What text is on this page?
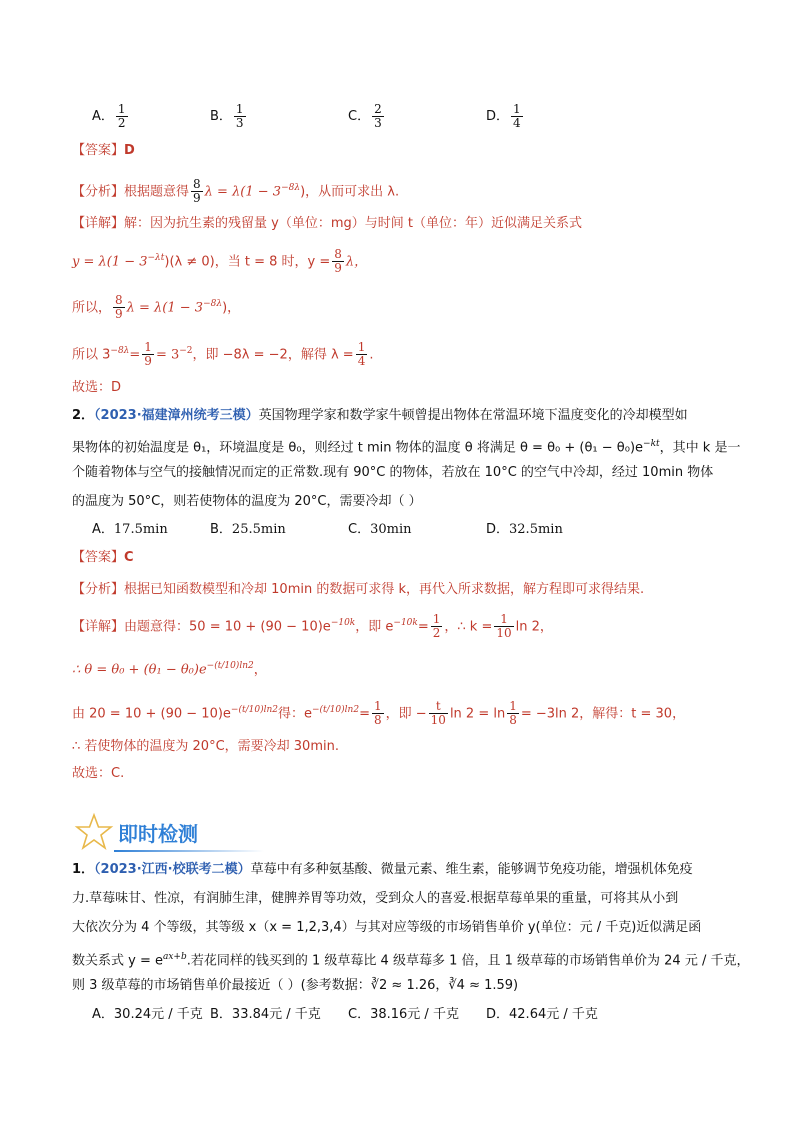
A． $\frac{1}{2}$	B． $\frac{1}{3}$	C． $\frac{2}{3}$	D． $\frac{1}{4}$
【答案】D
【分析】根据题意得 $\frac{8}{9}$ $\lambda = \lambda(1 - 3^{-8\lambda})$，从而可求出 λ.
【详解】解：因为抗生素的残留量 y（单位：mg）与时间 t（单位：年）近似满足关系式
$y = \lambda(1 - 3^{-\lambda t})(\lambda \ne 0)$，当 t = 8 时，$y = \frac{8}{9}$ λ，
所以， $\frac{8}{9}$ $\lambda = \lambda(1 - 3^{-8\lambda})$，
所以 $3^{-8\lambda}= \frac{1}{9} = 3^{-2}$，即 −8λ = −2，解得 $\lambda = \frac{1}{4}$ .
故选：D
2．（2023·福建漳州统考三模）英国物理学家和数学家牛顿曾提出物体在常温环境下温度变化的冷却模型如
果物体的初始温度是 θ₁，环境温度是 θ₀，则经过 t min 物体的温度 θ 将满足 $\theta = \theta_0 + (\theta_1 - \theta_0)e^{-kt}$，其中 k 是一
个随着物体与空气的接触情况而定的正常数.现有 90°C 的物体，若放在 10°C 的空气中冷却，经过 10min 物体
的温度为 50°C，则若使物体的温度为 20°C，需要冷却（ ）
A．17.5min	B．25.5min	C．30min	D．32.5min
【答案】C
【分析】根据已知函数模型和冷却 10min 的数据可求得 k，再代入所求数据，解方程即可求得结果.
【详解】由题意得：$50 = 10 + (90 - 10)e^{-10k}$，即 $e^{-10k}= \frac{1}{2}$ ，∴ $k = \frac{1}{10}$ ln 2，
∴ $\theta = \theta_0 + (\theta_1 - \theta_0)e^{-(t/10)ln2}$，
由 $20 = 10 + (90 - 10)e^{-(t/10)ln2}$得：$e^{-(t/10)ln2}= \frac{1}{8}$ ，即 − $\frac{t}{10}$ $\ln 2 = \ln \frac{1}{8} = -3\ln$ 2，解得：t = 30，
∴ 若使物体的温度为 20°C，需要冷却 30min.
故选：C.
即时检测
1．（2023·江西·校联考二模）草莓中有多种氨基酸、微量元素、维生素，能够调节免疫功能，增强机体免疫
力.草莓味甘、性凉，有润肺生津，健脾养胃等功效，受到众人的喜爱.根据草莓单果的重量，可将其从小到
大依次分为 4 个等级，其等级 x（x = 1,2,3,4）与其对应等级的市场销售单价 y(单位：元 / 千克)近似满足函
数关系式 $y = e^{ax+b}$.若花同样的钱买到的 1 级草莓比 4 级草莓多 1 倍，且 1 级草莓的市场销售单价为 24 元 / 千克，
则 3 级草莓的市场销售单价最接近（ ）(参考数据：∛2 ≈ 1.26，∛4 ≈ 1.59)
A．30.24元 / 千克 B．33.84元 / 千克 C．38.16元 / 千克 D．42.64元 / 千克
